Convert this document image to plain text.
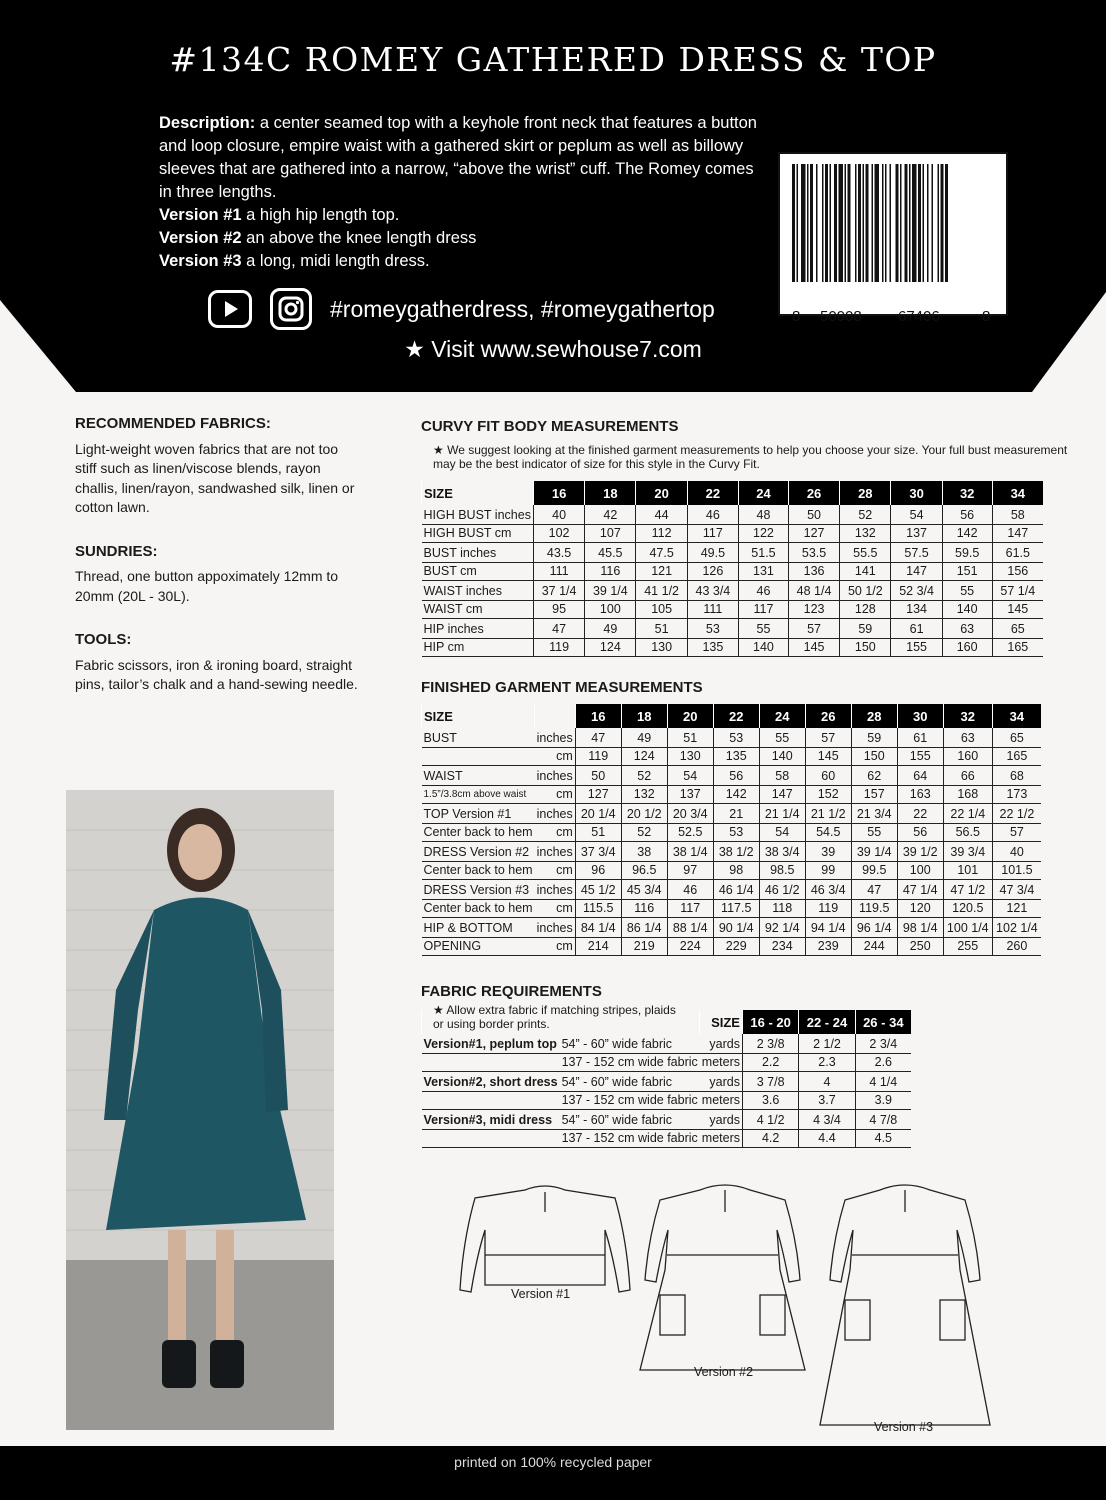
#134C ROMEY GATHERED DRESS & TOP
Description: a center seamed top with a keyhole front neck that features a button and loop closure, empire waist with a gathered skirt or peplum as well as billowy sleeves that are gathered into a narrow, “above the wrist” cuff. The Romey comes in three lengths.
Version #1 a high hip length top.
Version #2 an above the knee length dress
Version #3 a long, midi length dress.
8 50008 67406	8
#romeygatherdress, #romeygathertop
★ Visit www.sewhouse7.com
RECOMMENDED FABRICS:

Light-weight woven fabrics that are not too stiff such as linen/viscose blends, rayon challis, linen/rayon, sandwashed silk, linen or cotton lawn.

SUNDRIES:

Thread, one button appoximately 12mm to 20mm (20L - 30L).

TOOLS:

Fabric scissors, iron & ironing board, straight pins, tailor’s chalk and a hand-sewing needle.

CURVY FIT BODY MEASUREMENTS
★ We suggest looking at the finished garment measurements to help you choose your size. Your full bust measurement may be the best indicator of size for this style in the Curvy Fit.
SIZE	16	18	20	22	24	26	28	30	32	34
HIGH BUST inches	40	42	44	46	48	50	52	54	56	58
HIGH BUST cm	102	107	112	117	122	127	132	137	142	147
BUST inches	43.5	45.5	47.5	49.5	51.5	53.5	55.5	57.5	59.5	61.5
BUST cm	111	116	121	126	131	136	141	147	151	156
WAIST inches	37 1/4	39 1/4	41 1/2	43 3/4	46	48 1/4	50 1/2	52 3/4	55	57 1/4
WAIST cm	95	100	105	111	117	123	128	134	140	145
HIP inches	47	49	51	53	55	57	59	61	63	65
HIP cm	119	124	130	135	140	145	150	155	160	165
FINISHED GARMENT MEASUREMENTS
SIZE		16	18	20	22	24	26	28	30	32	34
BUST	inches	47	49	51	53	55	57	59	61	63	65
	cm	119	124	130	135	140	145	150	155	160	165
WAIST	inches	50	52	54	56	58	60	62	64	66	68
1.5”/3.8cm above waist	cm	127	132	137	142	147	152	157	163	168	173
TOP Version #1	inches	20 1/4	20 1/2	20 3/4	21	21 1/4	21 1/2	21 3/4	22	22 1/4	22 1/2
Center back to hem	cm	51	52	52.5	53	54	54.5	55	56	56.5	57
DRESS Version #2	inches	37 3/4	38	38 1/4	38 1/2	38 3/4	39	39 1/4	39 1/2	39 3/4	40
Center back to hem	cm	96	96.5	97	98	98.5	99	99.5	100	101	101.5
DRESS Version #3	inches	45 1/2	45 3/4	46	46 1/4	46 1/2	46 3/4	47	47 1/4	47 1/2	47 3/4
Center back to hem	cm	115.5	116	117	117.5	118	119	119.5	120	120.5	121
HIP & BOTTOM	inches	84 1/4	86 1/4	88 1/4	90 1/4	92 1/4	94 1/4	96 1/4	98 1/4	100 1/4	102 1/4
OPENING	cm	214	219	224	229	234	239	244	250	255	260
FABRIC REQUIREMENTS
★ Allow extra fabric if matching stripes, plaids or using border prints.
		SIZE	16 - 20	22 - 24	26 - 34
Version#1, peplum top	54” - 60” wide fabric	yards	2 3/8	2 1/2	2 3/4
	137 - 152 cm wide fabric	meters	2.2	2.3	2.6
Version#2, short dress	54” - 60” wide fabric	yards	3 7/8	4	4 1/4
	137 - 152 cm wide fabric	meters	3.6	3.7	3.9
Version#3, midi dress	54” - 60” wide fabric	yards	4 1/2	4 3/4	4 7/8
	137 - 152 cm wide fabric	meters	4.2	4.4	4.5
Version #1
Version #2
Version #3
printed on 100% recycled paper
